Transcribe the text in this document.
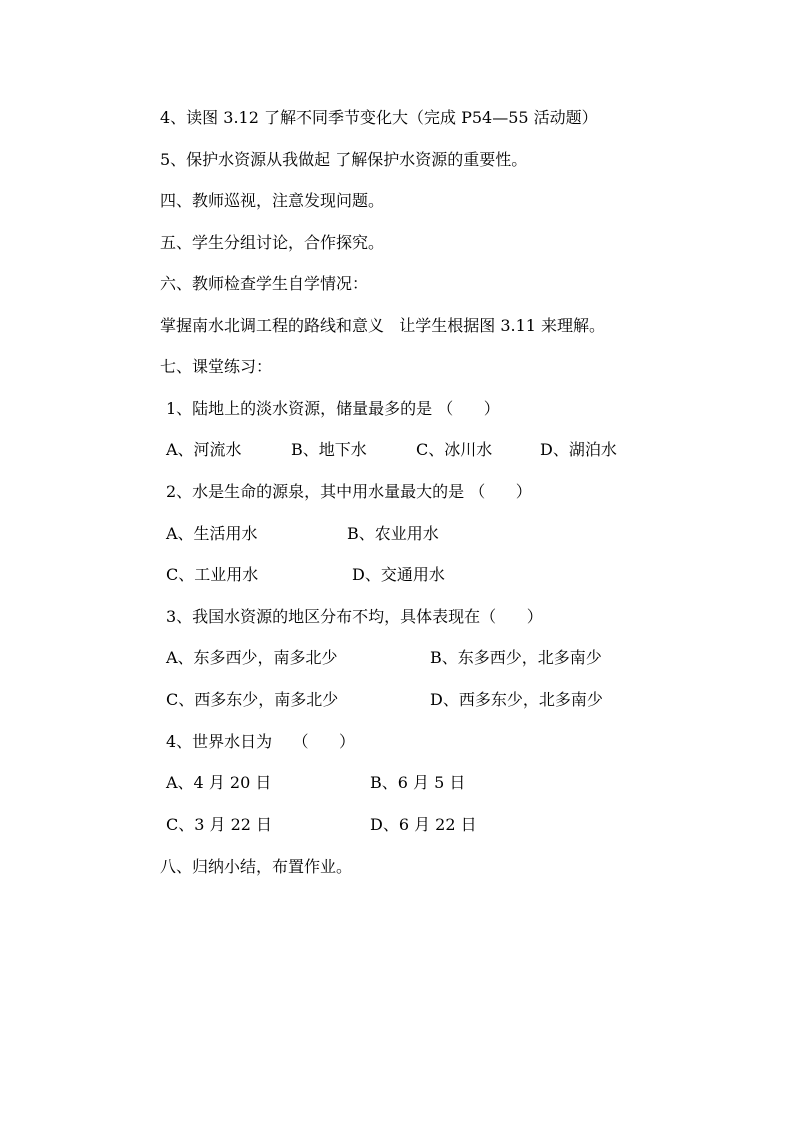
4、读图 3.12 了解不同季节变化大（完成 P54—55 活动题）
5、保护水资源从我做起 了解保护水资源的重要性。
四、教师巡视，注意发现问题。
五、学生分组讨论，合作探究。
六、教师检查学生自学情况：
掌握南水北调工程的路线和意义   让学生根据图 3.11 来理解。
七、课堂练习：
1、陆地上的淡水资源，储量最多的是 （      ）
A、河流水	B、地下水	C、冰川水	D、湖泊水
2、水是生命的源泉，其中用水量最大的是 （      ）
A、生活用水	B、农业用水
C、工业用水	D、交通用水
3、我国水资源的地区分布不均，具体表现在（      ）
A、东多西少，南多北少	B、东多西少，北多南少
C、西多东少，南多北少	D、西多东少，北多南少
4、世界水日为    （      ）
A、4 月 20 日	B、6 月 5 日
C、3 月 22 日	D、6 月 22 日
八、归纳小结，布置作业。
